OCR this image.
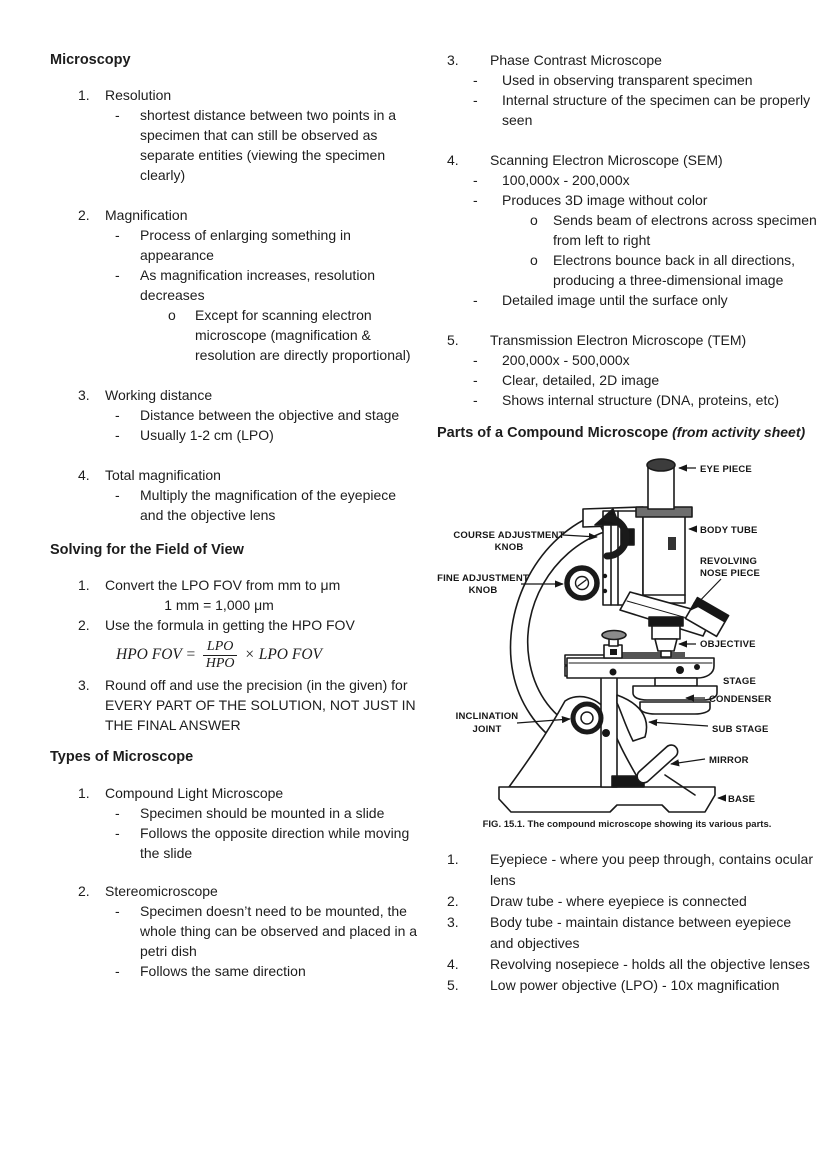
Microscopy
1.	Resolution
-	shortest distance between two points in a specimen that can still be observed as separate entities (viewing the specimen clearly)
2.	Magnification
-	Process of enlarging something in appearance
-	As magnification increases, resolution decreases
o	Except for scanning electron microscope (magnification & resolution are directly proportional)
3.	Working distance
-	Distance between the objective and stage
-	Usually 1-2 cm (LPO)
4.	Total magnification
-	Multiply the magnification of the eyepiece and the objective lens
Solving for the Field of View
1.	Convert the LPO FOV from mm to μm
1 mm = 1,000 μm
2.	Use the formula in getting the HPO FOV
HPO FOV = $\frac{\text{LPO}}{\text{HPO}}$ × LPO FOV
3.	Round off and use the precision (in the given) for EVERY PART OF THE SOLUTION, NOT JUST IN THE FINAL ANSWER
Types of Microscope
1.	Compound Light Microscope
-	Specimen should be mounted in a slide
-	Follows the opposite direction while moving the slide
2.	Stereomicroscope
-	Specimen doesn’t need to be mounted, the whole thing can be observed and placed in a petri dish
-	Follows the same direction
3.	Phase Contrast Microscope
-	Used in observing transparent specimen
-	Internal structure of the specimen can be properly seen
4.	Scanning Electron Microscope (SEM)
-	100,000x - 200,000x
-	Produces 3D image without color
o	Sends beam of electrons across specimen from left to right
o	Electrons bounce back in all directions, producing a three-dimensional image
-	Detailed image until the surface only
5.	Transmission Electron Microscope (TEM)
-	200,000x - 500,000x
-	Clear, detailed, 2D image
-	Shows internal structure (DNA, proteins, etc)
Parts of a Compound Microscope (from activity sheet)
EYE PIECE
BODY TUBE
REVOLVING
NOSE PIECE
OBJECTIVE
STAGE
CONDENSER
SUB STAGE
MIRROR
BASE
COURSE ADJUSTMENT
KNOB
FINE ADJUSTMENT
KNOB
INCLINATION
JOINT
FIG. 15.1. The compound microscope showing its various parts.
1.	Eyepiece - where you peep through, contains ocular lens
2.	Draw tube - where eyepiece is connected
3.	Body tube - maintain distance between eyepiece and objectives
4.	Revolving nosepiece - holds all the objective lenses
5.	Low power objective (LPO) - 10x magnification
